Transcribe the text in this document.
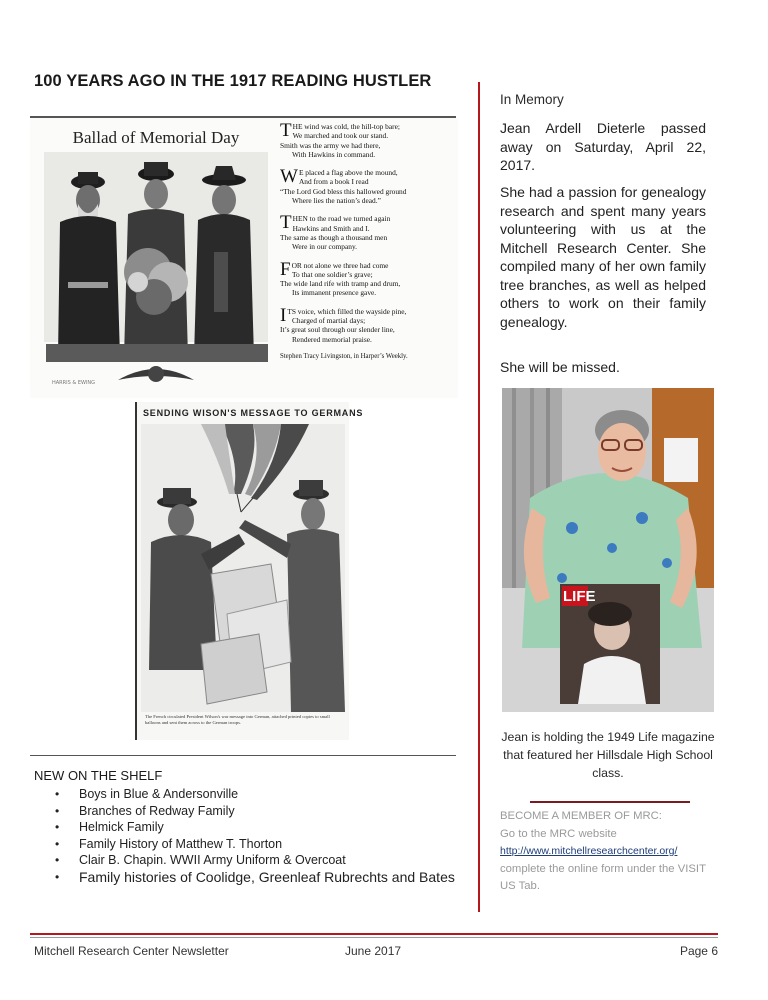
100 YEARS AGO IN THE 1917 READING HUSTLER
Ballad of Memorial Day
HARRIS & EWING
T HE wind was cold, the hill-top bare;
We marched and took our stand.
Smith was the army we had there,
With Hawkins in command.
W E placed a flag above the mound,
And from a book I read
“The Lord God bless this hallowed ground
Where lies the nation’s dead.”
T HEN to the road we turned again
Hawkins and Smith and I.
The same as though a thousand men
Were in our company.
F OR not alone we three had come
To that one soldier’s grave;
The wide land rife with tramp and drum,
Its immanent presence gave.
I TS voice, which filled the wayside pine,
Charged of martial days;
It’s great soul through our slender line,
Rendered memorial praise.
Stephen Tracy Livingston, in Harper’s Weekly.
SENDING WISON'S MESSAGE TO GERMANS
The French circulated President Wilson's war message into German, attached printed copies to small balloons and sent them across to the German troops.
NEW ON THE SHELF
• Boys in Blue & Andersonville
• Branches of Redway Family
• Helmick Family
• Family History of Matthew T. Thorton
• Clair B. Chapin. WWII Army Uniform & Overcoat
• Family histories of Coolidge, Greenleaf Rubrechts and Bates
In Memory
Jean Ardell Dieterle passed away on Saturday, April 22, 2017.
She had a passion for genealogy research and spent many years volunteering with us at the Mitchell Research Center. She compiled many of her own family tree branches, as well as helped others to work on their family genealogy.
She will be missed.
LIFE
Jean is holding the 1949 Life magazine that featured her Hillsdale High School class.
BECOME A MEMBER OF MRC:
Go to the MRC website
http://www.mitchellresearchcenter.org/
complete the online form under the VISIT US Tab.
Mitchell Research Center Newsletter	June 2017	Page 6
